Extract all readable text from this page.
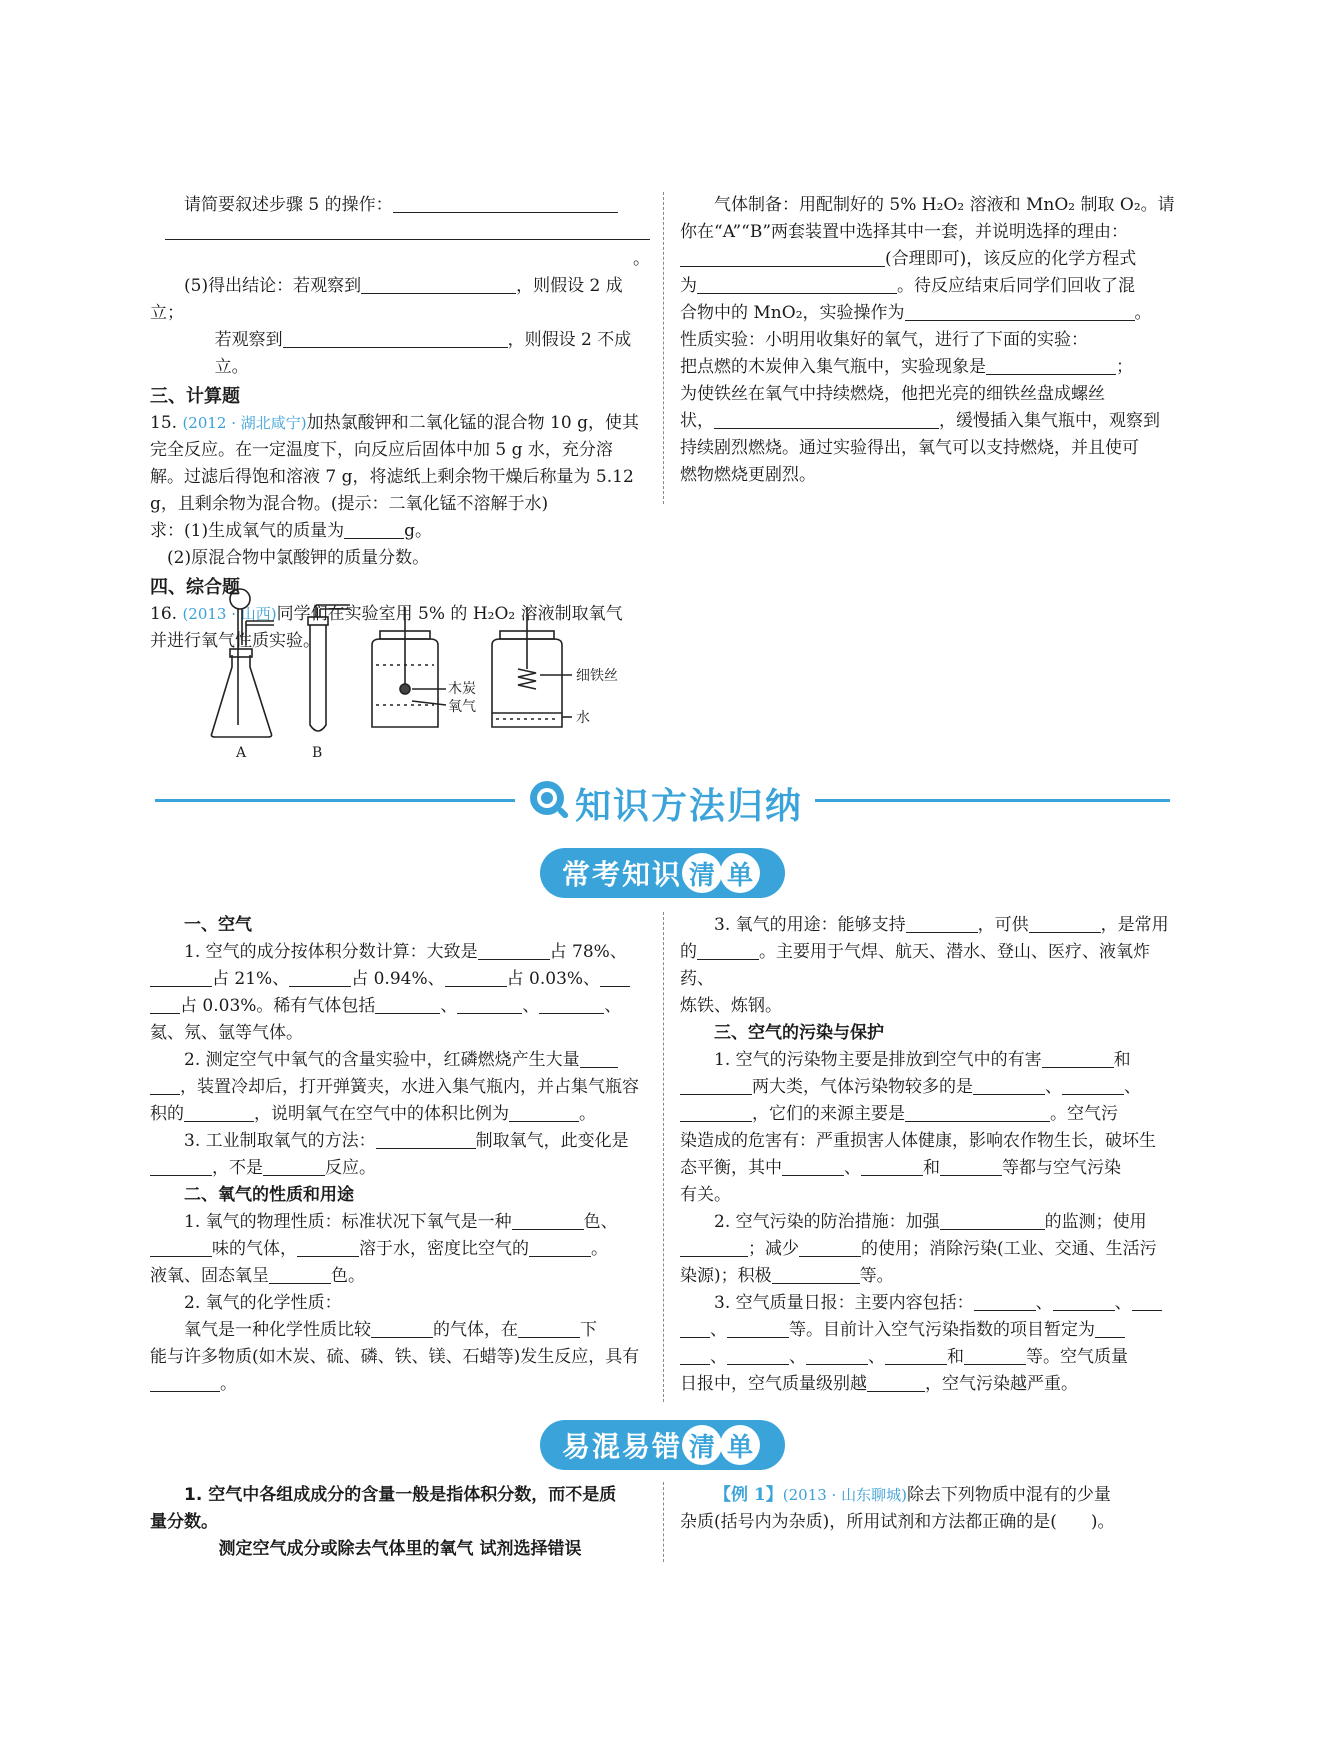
请简要叙述步骤 5 的操作：

。

(5)得出结论：若观察到	，则假设 2 成立；

若观察到	，则假设 2 不成立。

三、计算题

15. (2012 · 湖北咸宁)加热氯酸钾和二氧化锰的混合物 10 g，使其

完全反应。在一定温度下，向反应后固体中加 5 g 水，充分溶

解。过滤后得饱和溶液 7 g，将滤纸上剩余物干燥后称量为 5.12

g，且剩余物为混合物。(提示：二氧化锰不溶解于水)

求：(1)生成氧气的质量为	g。

(2)原混合物中氯酸钾的质量分数。

四、综合题

16. (2013 · 山西)同学们在实验室用 5% 的 H₂O₂ 溶液制取氧气

并进行氧气性质实验。

A	B
木炭
氧气
细铁丝
水

气体制备：用配制好的 5% H₂O₂ 溶液和 MnO₂ 制取 O₂。请

你在“A”“B”两套装置中选择其中一套，并说明选择的理由：

(合理即可)，该反应的化学方程式

为	。待反应结束后同学们回收了混

合物中的 MnO₂，实验操作为	。

性质实验：小明用收集好的氧气，进行了下面的实验：

把点燃的木炭伸入集气瓶中，实验现象是	；

为使铁丝在氧气中持续燃烧，他把光亮的细铁丝盘成螺丝

状，	，缓慢插入集气瓶中，观察到

持续剧烈燃烧。通过实验得出，氧气可以支持燃烧，并且使可

燃物燃烧更剧烈。

知识方法归纳
常考知识 清 单

一、空气

1. 空气的成分按体积分数计算：大致是	占 78%、

占 21%、	占 0.94%、	占 0.03%、

占 0.03%。稀有气体包括	、	、	、

氦、氖、氩等气体。

2. 测定空气中氧气的含量实验中，红磷燃烧产生大量

，装置冷却后，打开弹簧夹，水进入集气瓶内，并占集气瓶容

积的	，说明氧气在空气中的体积比例为	。

3. 工业制取氧气的方法：	制取氧气，此变化是

，不是	反应。

二、氧气的性质和用途

1. 氧气的物理性质：标准状况下氧气是一种	色、

味的气体，	溶于水，密度比空气的	。

液氧、固态氧呈	色。

2. 氧气的化学性质：

氧气是一种化学性质比较	的气体，在	下

能与许多物质(如木炭、硫、磷、铁、镁、石蜡等)发生反应，具有

。

3. 氧气的用途：能够支持	，可供	，是常用

的	。主要用于气焊、航天、潜水、登山、医疗、液氧炸药、

炼铁、炼钢。

三、空气的污染与保护

1. 空气的污染物主要是排放到空气中的有害	和

两大类，气体污染物较多的是	、	、

，它们的来源主要是	。空气污

染造成的危害有：严重损害人体健康，影响农作物生长，破坏生

态平衡，其中	、	和	等都与空气污染

有关。

2. 空气污染的防治措施：加强	的监测；使用

；减少	的使用；消除污染(工业、交通、生活污

染源)；积极	等。

3. 空气质量日报：主要内容包括：	、	、

、	等。目前计入空气污染指数的项目暂定为

、	、	、	和	等。空气质量

日报中，空气质量级别越	，空气污染越严重。

易混易错 清 单

1. 空气中各组成成分的含量一般是指体积分数，而不是质

量分数。

测定空气成分或除去气体里的氧气 试剂选择错误

【例 1】(2013 · 山东聊城)除去下列物质中混有的少量

杂质(括号内为杂质)，所用试剂和方法都正确的是(　　)。
